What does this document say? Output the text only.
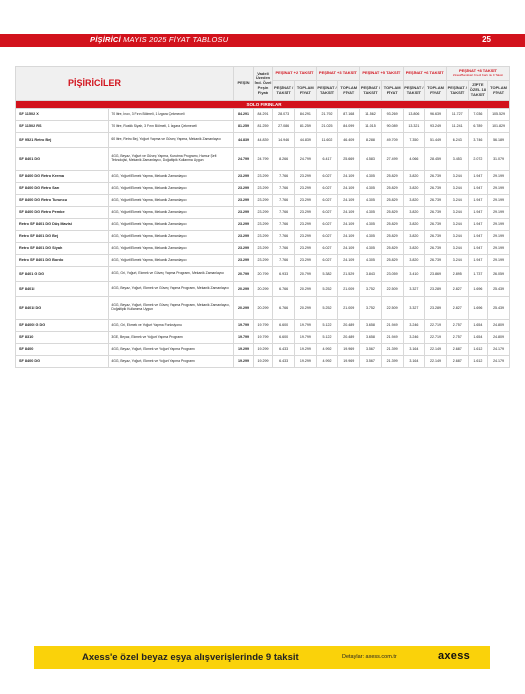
PİŞİRİCİ MAYIS 2025 FİYAT TABLOSU	25
PİŞİRİCİLER		PEŞİN	Vadeli Üzeden İnd. Özel Peşin Fiyatı	PEŞİNAT +2 TAKSİT		PEŞİNAT +3 TAKSİT		PEŞİNAT +5 TAKSİT		PEŞİNAT +6 TAKSİT		PEŞİNAT +8 TAKSİT
Ziraat/Bankkart Kredi Kartı ile 9 Taksit		

				PEŞİNAT / TAKSİT	TOPLAM FİYAT	PEŞİNAT / TAKSİT	TOPLAM FİYAT	PEŞİNAT / TAKSİT	TOPLAM FİYAT	PEŞİNAT / TAKSİT	TOPLAM FİYAT	PEŞİNAT / TAKSİT	ZİPTE ÖZEL 18 TAKSİT	TOPLAM FİYAT
SOLO FIRINLAR														
SF 11502 X	70 litre, İnox, 3 Fırın Bölmeli, 1 İzgara Çekmeceli	84.291	84.291	28.073	84.291	21.792	87.168	11.562	93.269	13.806	96.639	11.727	7.036	105.529
SF 11502 RS	70 litre, Rustik Siyah, 3 Fırın Bölmeli, 1 İzgara Çekmeceli	81.259	81.259	27.086	81.259	21.025	84.099	11.015	90.089	13.321	93.249	11.241	6.789	101.829
SF 9521 Retro Bej	60 litre, Retro Bej, Yoğurt Yapma ve Güveç Yapma, Mekanik Zamanlayıcı	44.839	44.839	14.946	44.839	11.602	46.409	8.288	49.709	7.350	51.449	6.243	3.746	56.189
SF 8401 DG	4GG, Beyaz, Yoğurt ve Güveç Yapma, Kurutma Programı, Hamur Şefi Teknolojisi, Mekanik Zamanlayıcı, Doğaltipik Kullanma Uygun	24.799	24.799	8.266	24.799	6.417	25.669	4.583	27.499	4.066	28.459	3.453	2.072	31.079
SF 8400 DG Retro Krema	4GG, Yoğurt/Ekmek Yapma, Mekanik Zamanlayıcı	23.299	23.299	7.766	23.299	6.027	24.109	4.305	25.829	3.820	26.739	3.244	1.947	29.199
SF 8400 DG Retro Sarı	4GG, Yoğurt/Ekmek Yapma, Mekanik Zamanlayıcı	23.299	23.299	7.766	23.299	6.027	24.109	4.305	25.829	3.820	26.739	3.244	1.947	29.199
SF 8400 DG Retro Turuncu	4GG, Yoğurt/Ekmek Yapma, Mekanik Zamanlayıcı	23.299	23.299	7.766	23.299	6.027	24.109	4.305	25.829	3.820	26.739	3.244	1.947	29.199
SF 8400 DG Retro Pembe	4GG, Yoğurt/Ekmek Yapma, Mekanik Zamanlayıcı	23.299	23.299	7.766	23.299	6.027	24.109	4.305	25.829	3.820	26.739	3.244	1.947	29.199
Retro SF 8401 DG Düş Mavisi	4GG, Yoğurt/Ekmek Yapma, Mekanik Zamanlayıcı	23.299	23.299	7.766	23.299	6.027	24.109	4.305	25.829	3.820	26.739	3.244	1.947	29.199
Retro SF 8401 DG Bej	4GG, Yoğurt/Ekmek Yapma, Mekanik Zamanlayıcı	23.299	23.299	7.766	23.299	6.027	24.109	4.305	25.829	3.820	26.739	3.244	1.947	29.199
Retro SF 8401 DG Siyah	4GG, Yoğurt/Ekmek Yapma, Mekanik Zamanlayıcı	23.299	23.299	7.766	23.299	6.027	24.109	4.305	25.829	3.820	26.739	3.244	1.947	29.199
Retro SF 8401 DG Bordo	4GG, Yoğurt/Ekmek Yapma, Mekanik Zamanlayıcı	23.299	23.299	7.766	23.299	6.027	24.109	4.305	25.829	3.820	26.739	3.244	1.947	29.199
SF 8401 G DG	4GG, Gri, Yoğurt, Ekmek ve Güveç Yapma Programı, Mekanik Zamanlayıcı	20.799	20.799	6.933	20.799	5.382	21.529	3.843	23.059	3.410	23.869	2.895	1.737	26.059
SF 8401I	4GG, Beyaz, Yoğurt, Ekmek ve Güveç Yapma Programı, Mekanik Zamanlayıcı	20.299	20.299	6.766	20.299	5.252	21.009	3.752	22.509	3.327	23.289	2.827	1.696	25.439
SF 8401I DG	4GG, Beyaz, Yoğurt, Ekmek ve Güveç Yapma Programı, Mekanik Zamanlayıcı, Doğaltipik Kullanıma Uygun	20.299	20.299	6.766	20.299	5.252	21.009	3.752	22.509	3.327	23.289	2.827	1.696	25.439
SF 8400I G DG	4GG, Gri, Ekmek ve Yoğurt Yapma Fonksiyonu	19.799	19.799	6.600	19.799	5.122	20.489	3.658	21.949	3.246	22.719	2.757	1.654	24.809
SF 8310	3GE, Beyaz, Ekmek ve Yoğurt Yapma Programı	19.799	19.799	6.600	19.799	5.122	20.489	3.658	21.949	3.246	22.719	2.757	1.654	24.809
SF 8400	4GG, Beyaz, Yoğurt, Ekmek ve Yoğurt Yapma Programı	19.299	19.299	6.433	19.299	4.992	19.969	3.567	21.399	3.164	22.149	2.687	1.612	24.179
SF 8400 DG	4GG, Beyaz, Yoğurt, Ekmek ve Yoğurt Yapma Programı	19.299	19.299	6.433	19.299	4.992	19.969	3.567	21.399	3.164	22.149	2.687	1.612	24.179
Axess'e özel beyaz eşya alışverişlerinde 9 taksit	Detaylar: axess.com.tr	axess
